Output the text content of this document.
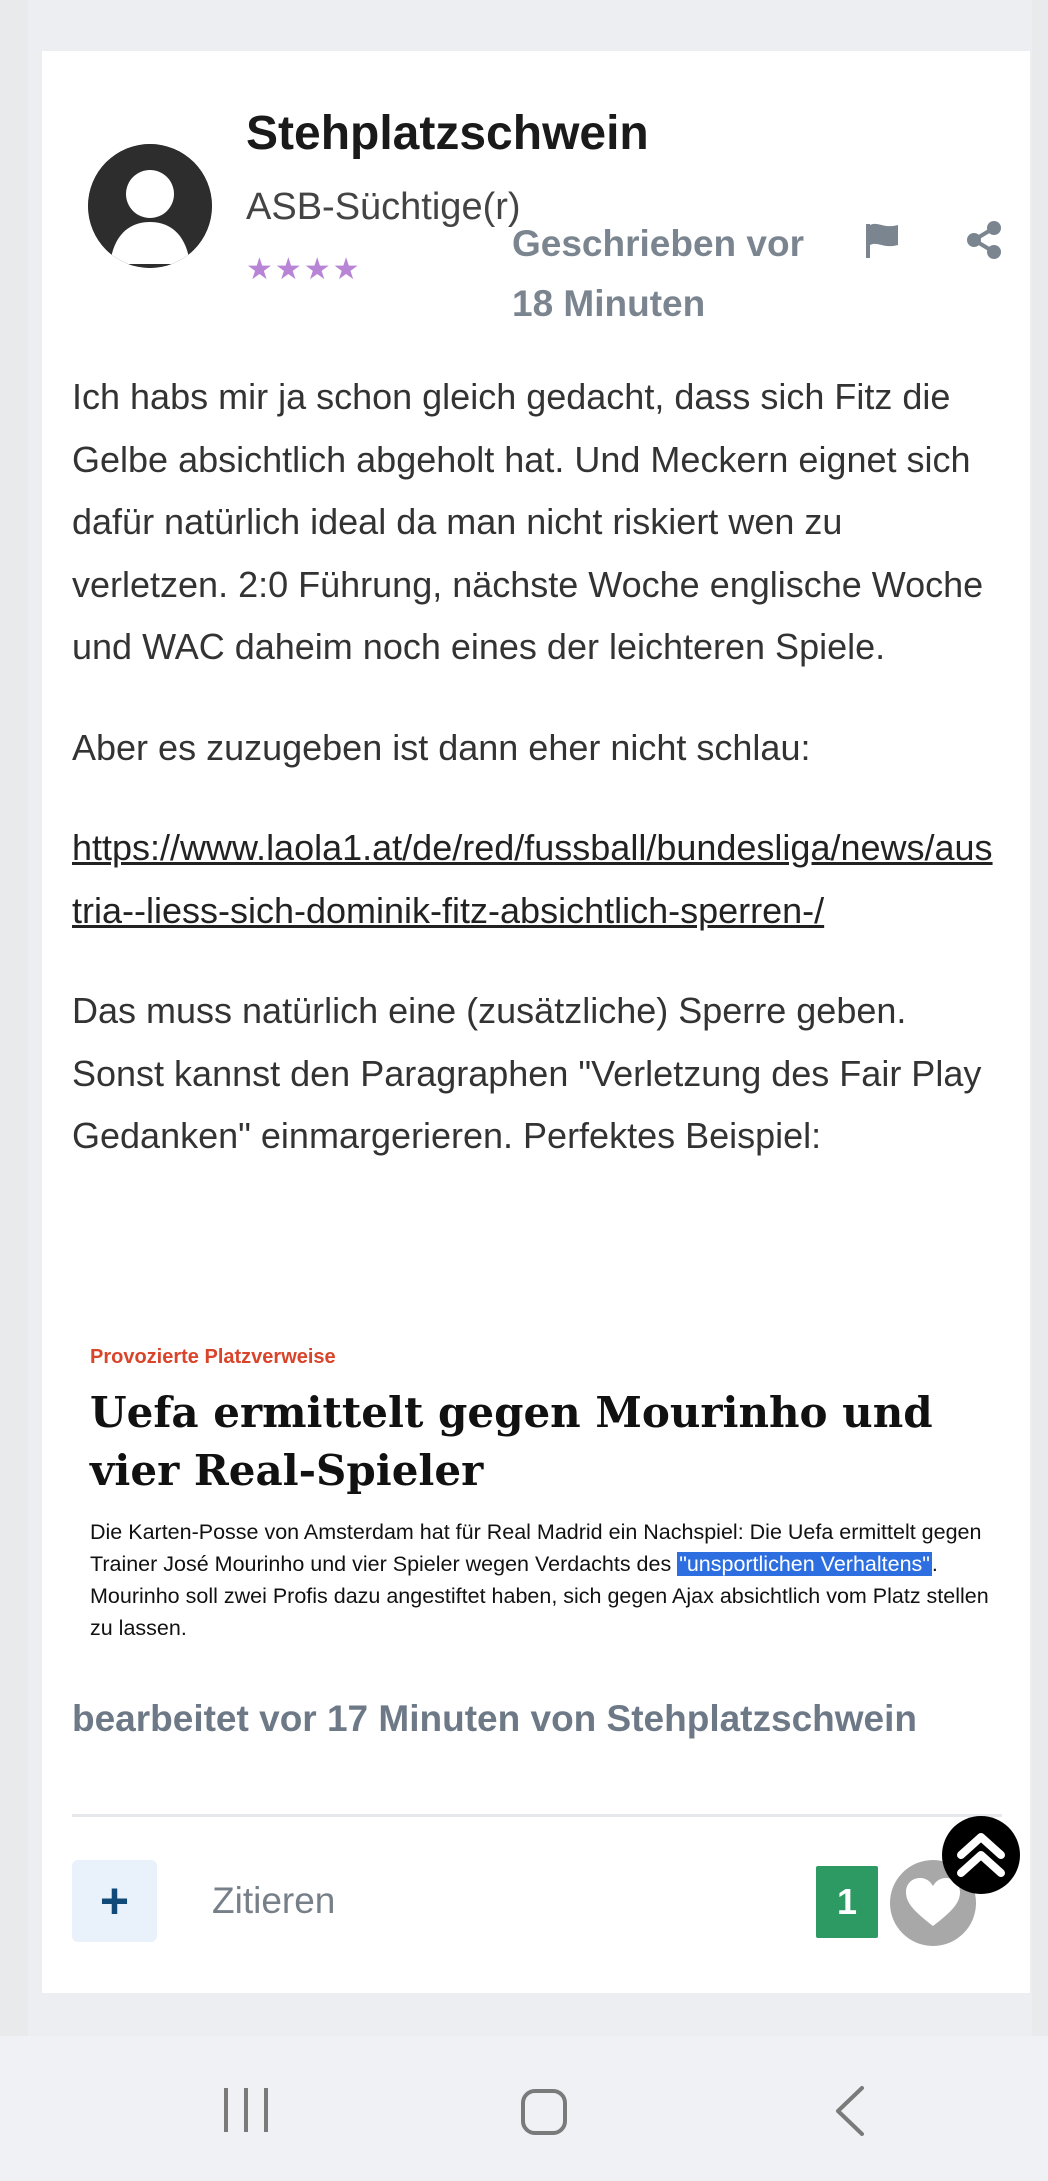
Stehplatzschwein
ASB-Süchtige(r)
★★★★
Geschrieben vor 18 Minuten

Ich habs mir ja schon gleich gedacht, dass sich Fitz die Gelbe absichtlich abgeholt hat. Und Meckern eignet sich dafür natürlich ideal da man nicht riskiert wen zu verletzen. 2:0 Führung, nächste Woche englische Woche und WAC daheim noch eines der leichteren Spiele.

Aber es zuzugeben ist dann eher nicht schlau:

https://www.laola1.at/de/red/fussball/bundesliga/news/austria--liess-sich-dominik-fitz-absichtlich-sperren-/

Das muss natürlich eine (zusätzliche) Sperre geben. Sonst kannst den Paragraphen "Verletzung des Fair Play Gedanken" einmargerieren. Perfektes Beispiel:

Provozierte Platzverweise
Uefa ermittelt gegen Mourinho und vier Real-Spieler
Die Karten-Posse von Amsterdam hat für Real Madrid ein Nachspiel: Die Uefa ermittelt gegen Trainer José Mourinho und vier Spieler wegen Verdachts des "unsportlichen Verhaltens". Mourinho soll zwei Profis dazu angestiftet haben, sich gegen Ajax absichtlich vom Platz stellen zu lassen.
bearbeitet vor 17 Minuten von Stehplatzschwein
+	Zitieren	1
